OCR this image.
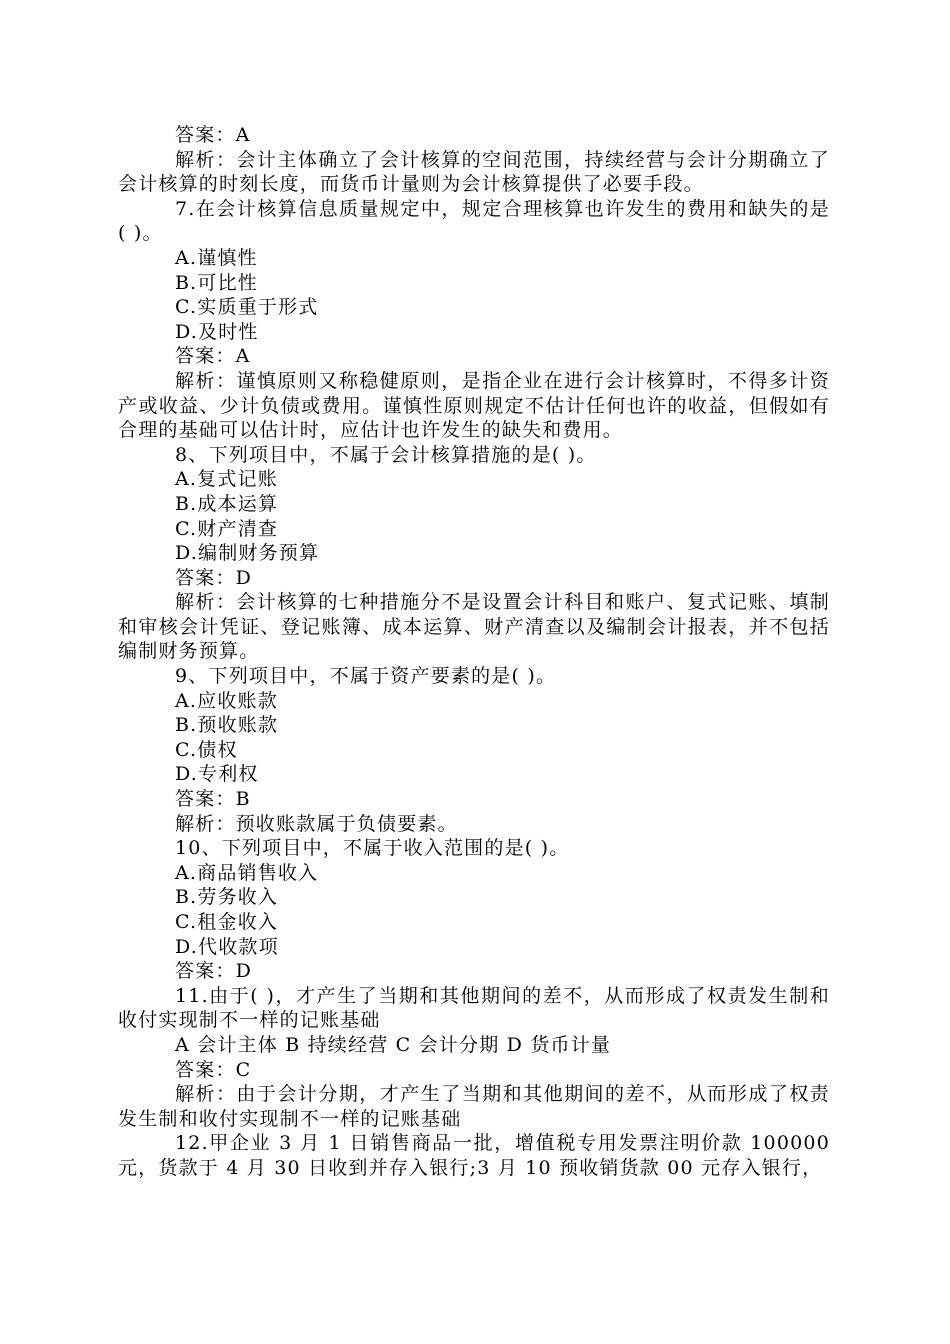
答案：A

解析：会计主体确立了会计核算的空间范围，持续经营与会计分期确立了会计核算的时刻长度，而货币计量则为会计核算提供了必要手段。

7.在会计核算信息质量规定中，规定合理核算也许发生的费用和缺失的是( )。

A.谨慎性

B.可比性

C.实质重于形式

D.及时性

答案：A

解析：谨慎原则又称稳健原则，是指企业在进行会计核算时，不得多计资产或收益、少计负债或费用。谨慎性原则规定不估计任何也许的收益，但假如有合理的基础可以估计时，应估计也许发生的缺失和费用。

8、下列项目中，不属于会计核算措施的是( )。

A.复式记账

B.成本运算

C.财产清查

D.编制财务预算

答案：D

解析：会计核算的七种措施分不是设置会计科目和账户、复式记账、填制和审核会计凭证、登记账簿、成本运算、财产清查以及编制会计报表，并不包括编制财务预算。

9、下列项目中，不属于资产要素的是( )。

A.应收账款

B.预收账款

C.债权

D.专利权

答案：B

解析：预收账款属于负债要素。

10、下列项目中，不属于收入范围的是( )。

A.商品销售收入

B.劳务收入

C.租金收入

D.代收款项

答案：D

11.由于( )，才产生了当期和其他期间的差不，从而形成了权责发生制和收付实现制不一样的记账基础

A 会计主体 B 持续经营 C 会计分期 D 货币计量

答案：C

解析：由于会计分期，才产生了当期和其他期间的差不，从而形成了权责发生制和收付实现制不一样的记账基础

12.甲企业 3 月 1 日销售商品一批，增值税专用发票注明价款 100000 元，货款于 4 月 30 日收到并存入银行;3 月 10 预收销货款 00 元存入银行，
